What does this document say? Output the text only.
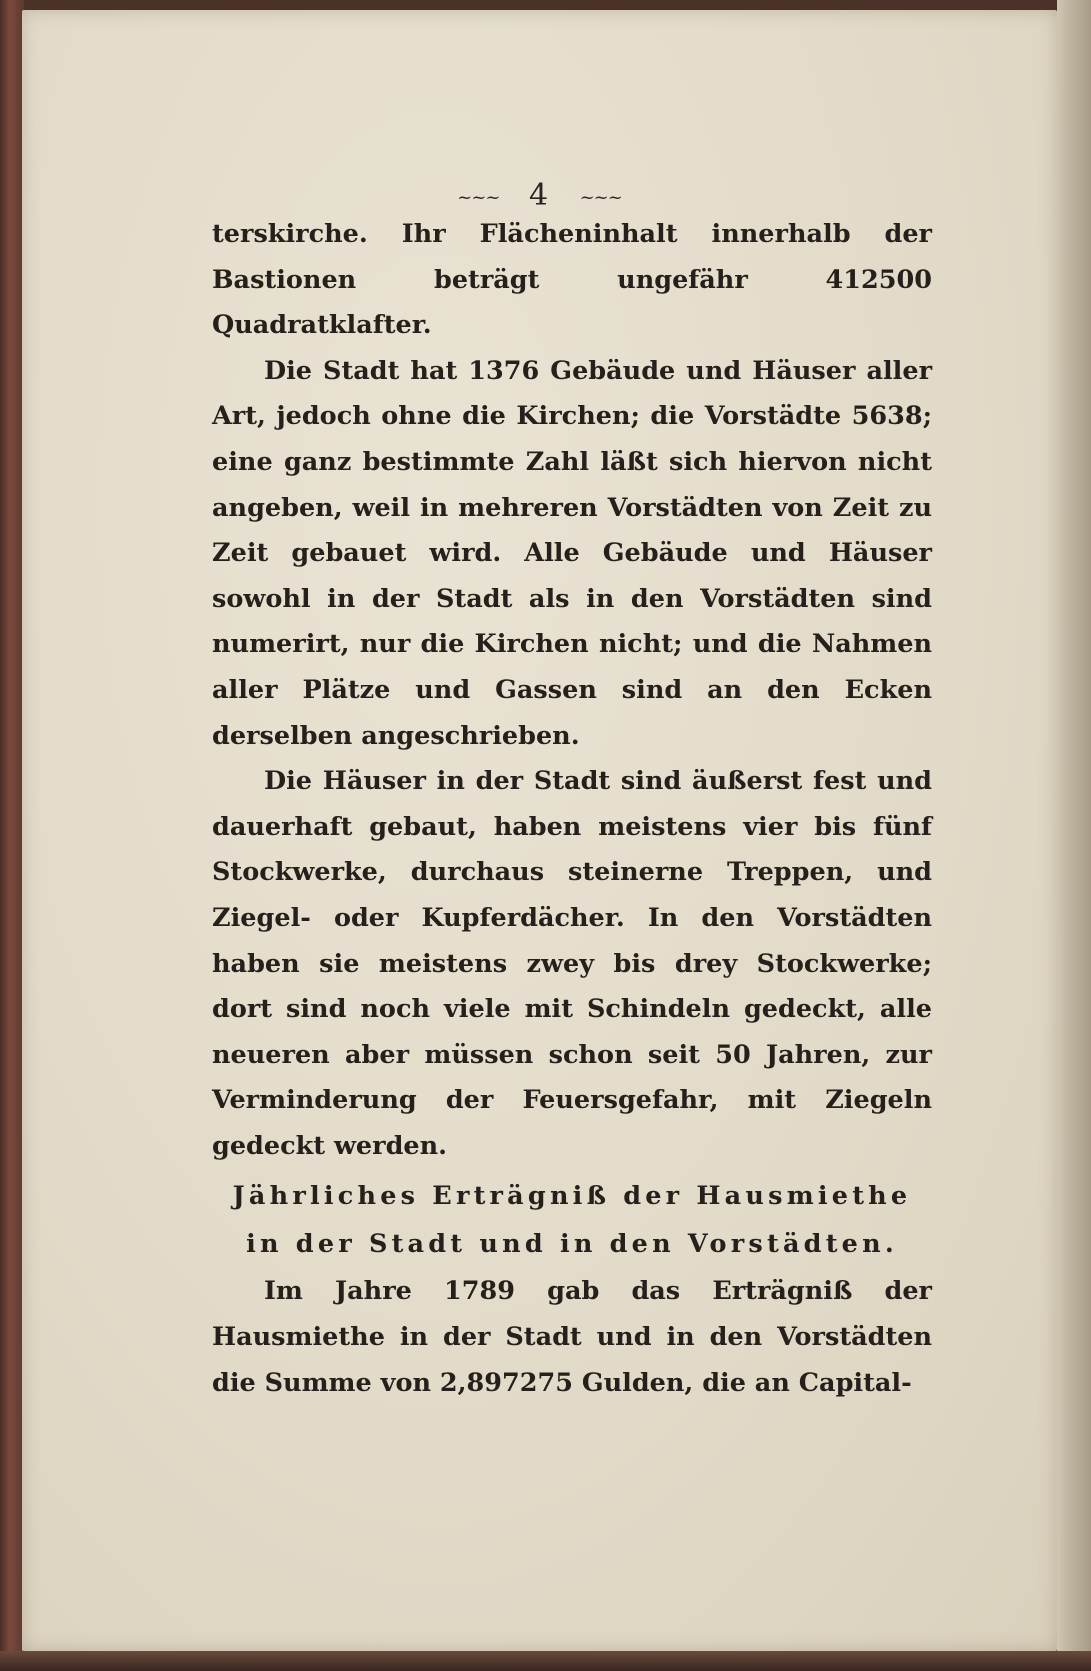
~~~ 4 ~~~

terskirche. Ihr Flächeninhalt innerhalb der Bastionen beträgt ungefähr 412500 Quadratklafter.

Die Stadt hat 1376 Gebäude und Häuser aller Art, jedoch ohne die Kirchen; die Vorstädte 5638; eine ganz bestimmte Zahl läßt sich hiervon nicht angeben, weil in mehreren Vorstädten von Zeit zu Zeit gebauet wird. Alle Gebäude und Häuser sowohl in der Stadt als in den Vorstädten sind numerirt, nur die Kirchen nicht; und die Nahmen aller Plätze und Gassen sind an den Ecken derselben angeschrieben.

Die Häuser in der Stadt sind äußerst fest und dauerhaft gebaut, haben meistens vier bis fünf Stockwerke, durchaus steinerne Treppen, und Ziegel- oder Kupferdächer. In den Vorstädten haben sie meistens zwey bis drey Stockwerke; dort sind noch viele mit Schindeln gedeckt, alle neueren aber müssen schon seit 50 Jahren, zur Verminderung der Feuersgefahr, mit Ziegeln gedeckt werden.

Jährliches Erträgniß der Hausmiethe

in der Stadt und in den Vorstädten.

Im Jahre 1789 gab das Erträgniß der Hausmiethe in der Stadt und in den Vorstädten die Summe von 2,897275 Gulden, die an Capital-
